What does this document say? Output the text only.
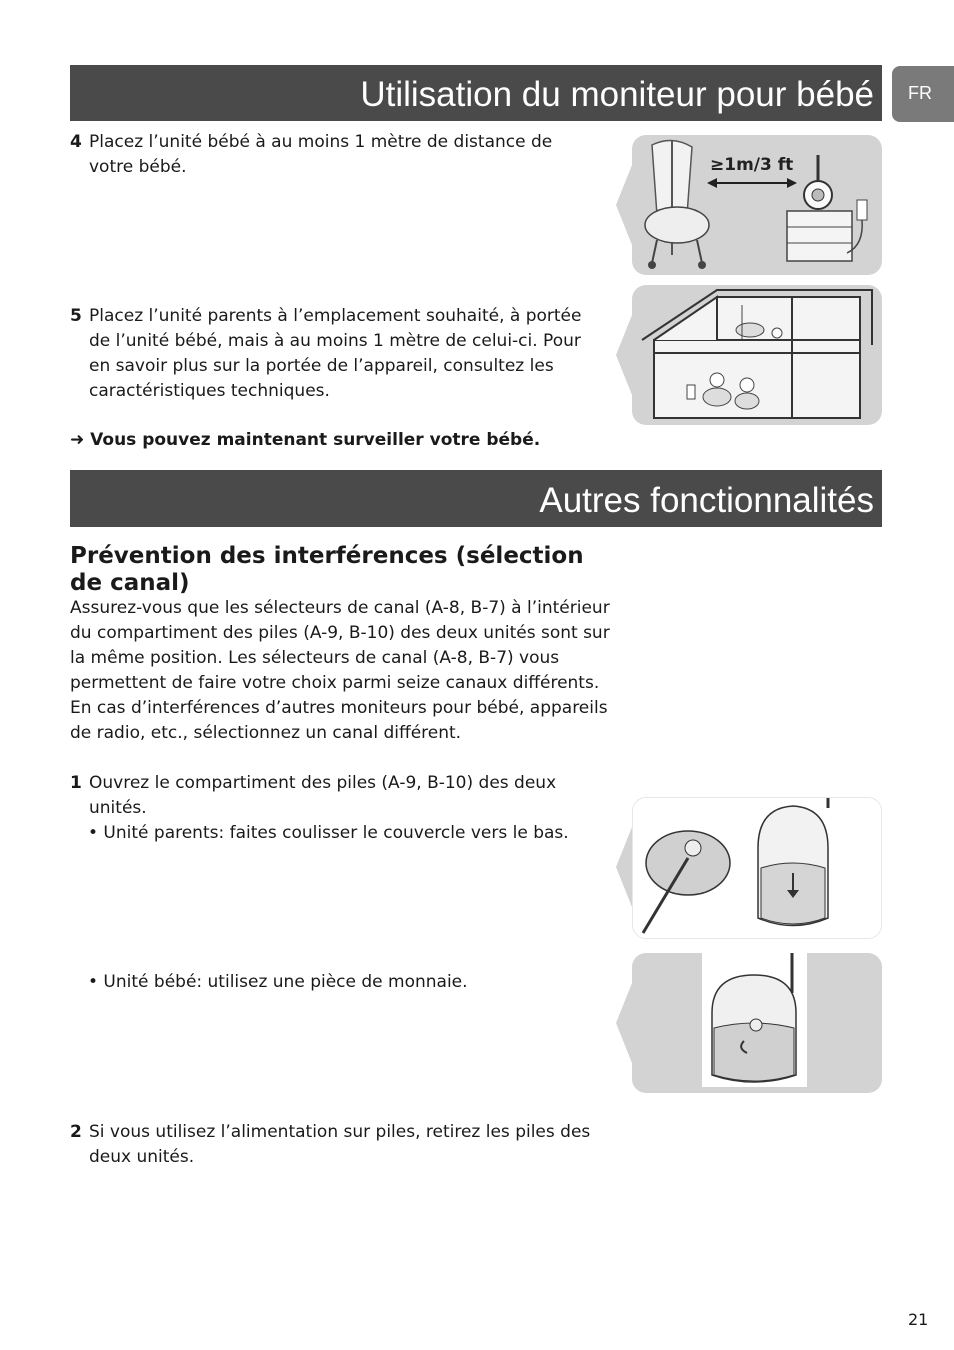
Utilisation du moniteur pour bébé	FR
4 Placez l’unité bébé à au moins 1 mètre de distance de votre bébé.	≥1m/3 ft
5 Placez l’unité parents à l’emplacement souhaité, à portée de l’unité bébé, mais à au moins 1 mètre de celui-ci. Pour en savoir plus sur la portée de l’appareil, consultez les caractéristiques techniques.
➜ Vous pouvez maintenant surveiller votre bébé.
Autres fonctionnalités
Prévention des interférences (sélection de canal)
Assurez-vous que les sélecteurs de canal (A-8, B-7) à l’intérieur du compartiment des piles (A-9, B-10) des deux unités sont sur la même position. Les sélecteurs de canal (A-8, B-7) vous permettent de faire votre choix parmi seize canaux différents. En cas d’interférences d’autres moniteurs pour bébé, appareils de radio, etc., sélectionnez un canal différent.
1 Ouvrez le compartiment des piles (A-9, B-10) des deux unités.
• Unité parents: faites coulisser le couvercle vers le bas.
• Unité bébé: utilisez une pièce de monnaie.
2 Si vous utilisez l’alimentation sur piles, retirez les piles des deux unités.
21
